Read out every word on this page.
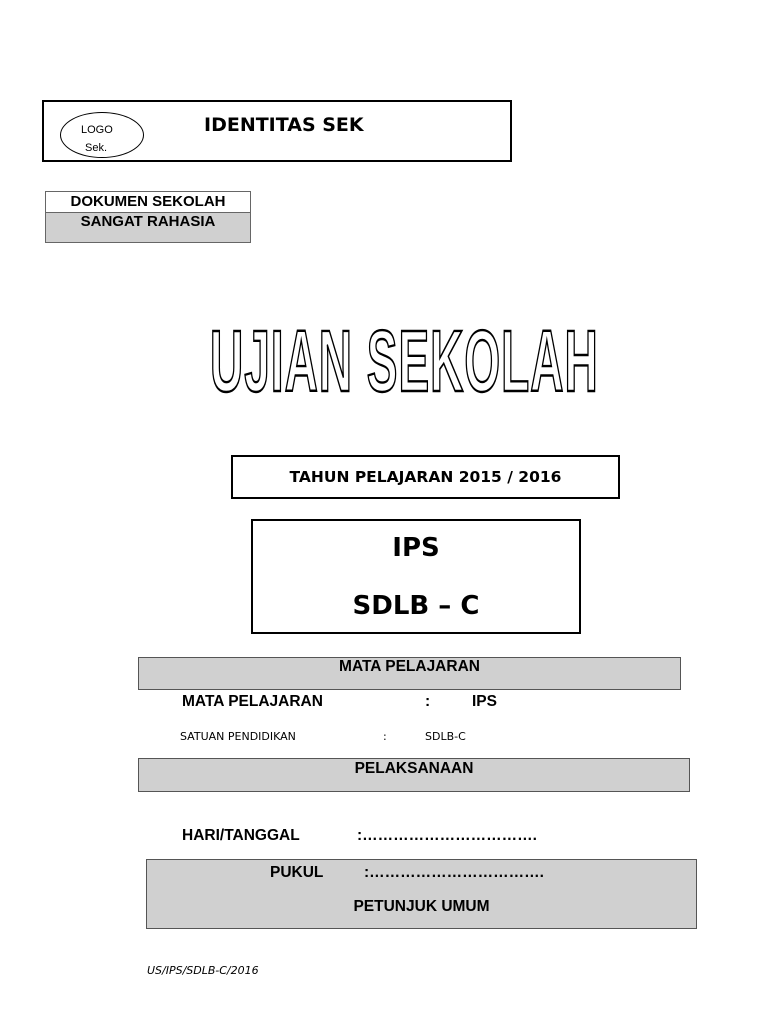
LOGO
Sek.
IDENTITAS SEK
DOKUMEN SEKOLAH
SANGAT RAHASIA
UJIAN SEKOLAH
TAHUN PELAJARAN 2015 / 2016
IPS
SDLB – C
MATA PELAJARAN
MATA PELAJARAN	:	IPS
SATUAN PENDIDIKAN	:	SDLB-C
PELAKSANAAN
HARI/TANGGAL	:…………………………….
PUKUL	:…………………………….
PETUNJUK UMUM
US/IPS/SDLB-C/2016
